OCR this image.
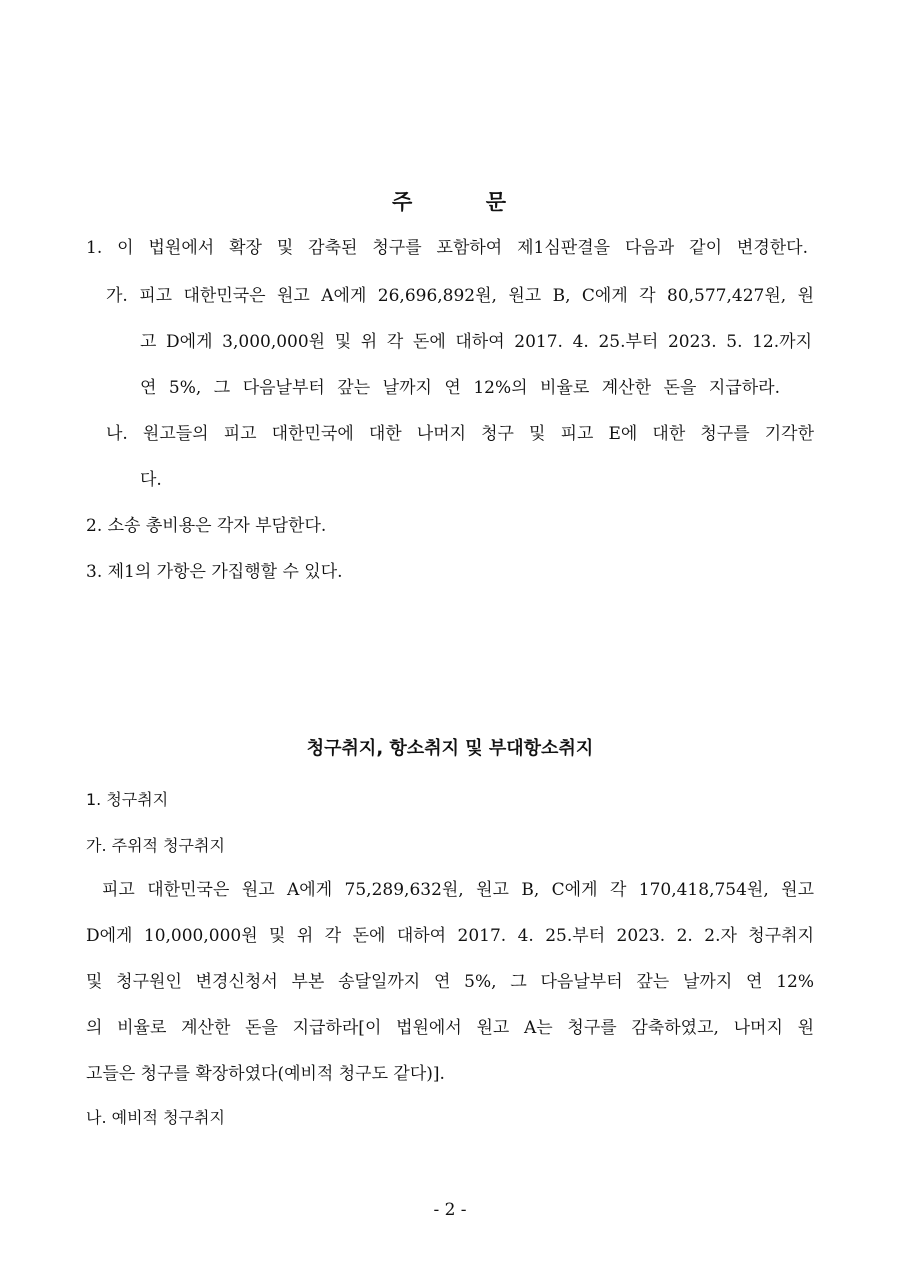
주	문
1. 이 법원에서 확장 및 감축된 청구를 포함하여 제1심판결을 다음과 같이 변경한다.
가. 피고 대한민국은 원고 A에게 26,696,892원, 원고 B, C에게 각 80,577,427원, 원
고 D에게 3,000,000원 및 위 각 돈에 대하여 2017. 4. 25.부터 2023. 5. 12.까지
연 5%, 그 다음날부터 갚는 날까지 연 12%의 비율로 계산한 돈을 지급하라.
나. 원고들의 피고 대한민국에 대한 나머지 청구 및 피고 E에 대한 청구를 기각한
다.
2. 소송 총비용은 각자 부담한다.
3. 제1의 가항은 가집행할 수 있다.
청구취지, 항소취지 및 부대항소취지
1. 청구취지
가. 주위적 청구취지
피고 대한민국은 원고 A에게 75,289,632원, 원고 B, C에게 각 170,418,754원, 원고
D에게 10,000,000원 및 위 각 돈에 대하여 2017. 4. 25.부터 2023. 2. 2.자 청구취지
및 청구원인 변경신청서 부본 송달일까지 연 5%, 그 다음날부터 갚는 날까지 연 12%
의 비율로 계산한 돈을 지급하라[이 법원에서 원고 A는 청구를 감축하였고, 나머지 원
고들은 청구를 확장하였다(예비적 청구도 같다)].
나. 예비적 청구취지
- 2 -
